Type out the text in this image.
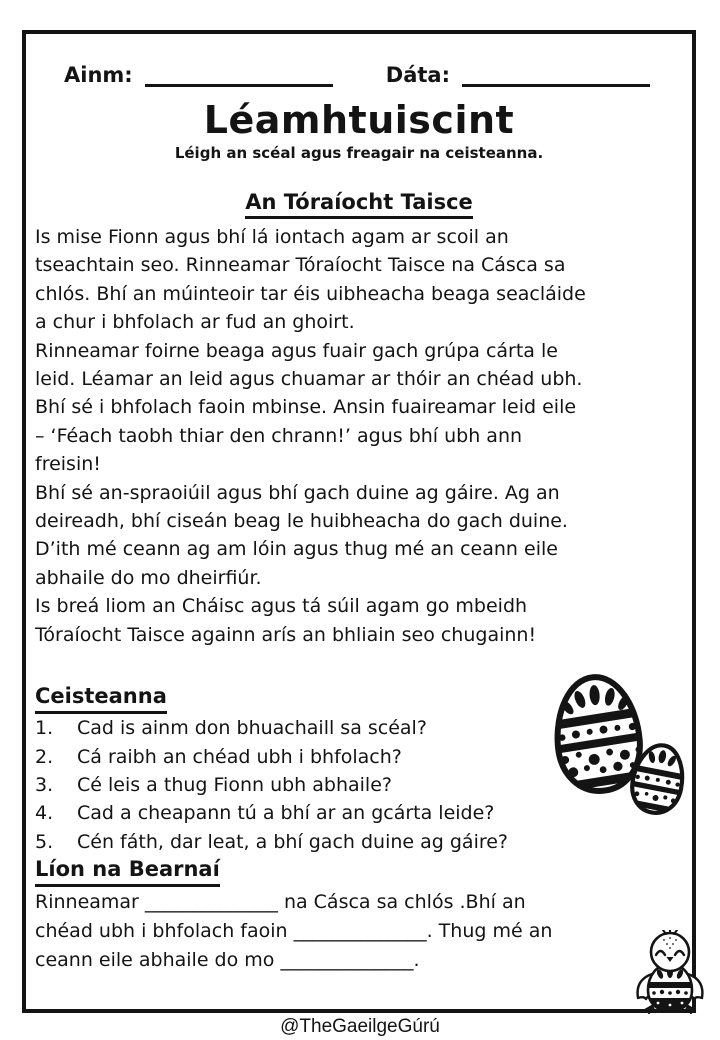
Ainm:	Dáta:
Léamhtuiscint
Léigh an scéal agus freagair na ceisteanna.
An Tóraíocht Taisce
Is mise Fionn agus bhí lá iontach agam ar scoil an
tseachtain seo. Rinneamar Tóraíocht Taisce na Cásca sa
chlós. Bhí an múinteoir tar éis uibheacha beaga seacláide
a chur i bhfolach ar fud an ghoirt.
Rinneamar foirne beaga agus fuair gach grúpa cárta le
leid. Léamar an leid agus chuamar ar thóir an chéad ubh.
Bhí sé i bhfolach faoin mbinse. Ansin fuaireamar leid eile
– ‘Féach taobh thiar den chrann!’ agus bhí ubh ann
freisin!
Bhí sé an-spraoiúil agus bhí gach duine ag gáire. Ag an
deireadh, bhí ciseán beag le huibheacha do gach duine.
D’ith mé ceann ag am lóin agus thug mé an ceann eile
abhaile do mo dheirfiúr.
Is breá liom an Cháisc agus tá súil agam go mbeidh
Tóraíocht Taisce againn arís an bhliain seo chugainn!
Ceisteanna
1.	Cad is ainm don bhuachaill sa scéal?
2.	Cá raibh an chéad ubh i bhfolach?
3.	Cé leis a thug Fionn ubh abhaile?
4.	Cad a cheapann tú a bhí ar an gcárta leide?
5.	Cén fáth, dar leat, a bhí gach duine ag gáire?
Líon na Bearnaí
Rinneamar ______________ na Cásca sa chlós .Bhí an
chéad ubh i bhfolach faoin ______________. Thug mé an
ceann eile abhaile do mo ______________.
@TheGaeilgeGúrú
